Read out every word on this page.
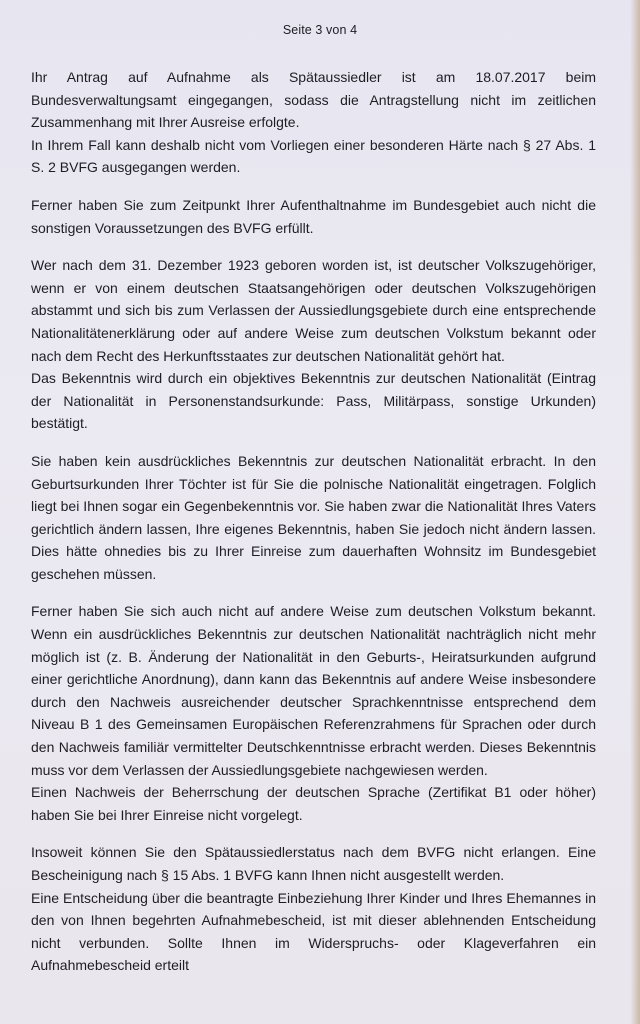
Seite 3 von 4

Ihr Antrag auf Aufnahme als Spätaussiedler ist am 18.07.2017 beim Bundesverwaltungsamt eingegangen, sodass die Antragstellung nicht im zeitlichen Zusammenhang mit Ihrer Ausreise erfolgte.

In Ihrem Fall kann deshalb nicht vom Vorliegen einer besonderen Härte nach § 27 Abs. 1 S. 2 BVFG ausgegangen werden.

Ferner haben Sie zum Zeitpunkt Ihrer Aufenthaltnahme im Bundesgebiet auch nicht die sonstigen Voraussetzungen des BVFG erfüllt.

Wer nach dem 31. Dezember 1923 geboren worden ist, ist deutscher Volkszugehöriger, wenn er von einem deutschen Staatsangehörigen oder deutschen Volkszugehörigen abstammt und sich bis zum Verlassen der Aussiedlungsgebiete durch eine entsprechende Nationalitätenerklärung oder auf andere Weise zum deutschen Volkstum bekannt oder nach dem Recht des Herkunftsstaates zur deutschen Nationalität gehört hat.

Das Bekenntnis wird durch ein objektives Bekenntnis zur deutschen Nationalität (Eintrag der Nationalität in Personenstandsurkunde: Pass, Militärpass, sonstige Urkunden) bestätigt.

Sie haben kein ausdrückliches Bekenntnis zur deutschen Nationalität erbracht. In den Geburtsurkunden Ihrer Töchter ist für Sie die polnische Nationalität eingetragen. Folglich liegt bei Ihnen sogar ein Gegenbekenntnis vor. Sie haben zwar die Nationalität Ihres Vaters gerichtlich ändern lassen, Ihre eigenes Bekenntnis, haben Sie jedoch nicht ändern lassen. Dies hätte ohnedies bis zu Ihrer Einreise zum dauerhaften Wohnsitz im Bundesgebiet geschehen müssen.

Ferner haben Sie sich auch nicht auf andere Weise zum deutschen Volkstum bekannt. Wenn ein ausdrückliches Bekenntnis zur deutschen Nationalität nachträglich nicht mehr möglich ist (z. B. Änderung der Nationalität in den Geburts-, Heiratsurkunden aufgrund einer gerichtliche Anordnung), dann kann das Bekenntnis auf andere Weise insbesondere durch den Nachweis ausreichender deutscher Sprachkenntnisse entsprechend dem Niveau B 1 des Gemeinsamen Europäischen Referenzrahmens für Sprachen oder durch den Nachweis familiär vermittelter Deutschkenntnisse erbracht werden. Dieses Bekenntnis muss vor dem Verlassen der Aussiedlungsgebiete nachgewiesen werden.

Einen Nachweis der Beherrschung der deutschen Sprache (Zertifikat B1 oder höher) haben Sie bei Ihrer Einreise nicht vorgelegt.

Insoweit können Sie den Spätaussiedlerstatus nach dem BVFG nicht erlangen. Eine Bescheinigung nach § 15 Abs. 1 BVFG kann Ihnen nicht ausgestellt werden.

Eine Entscheidung über die beantragte Einbeziehung Ihrer Kinder und Ihres Ehemannes in den von Ihnen begehrten Aufnahmebescheid, ist mit dieser ablehnenden Entscheidung nicht verbunden. Sollte Ihnen im Widerspruchs- oder Klageverfahren ein Aufnahmebescheid erteilt
